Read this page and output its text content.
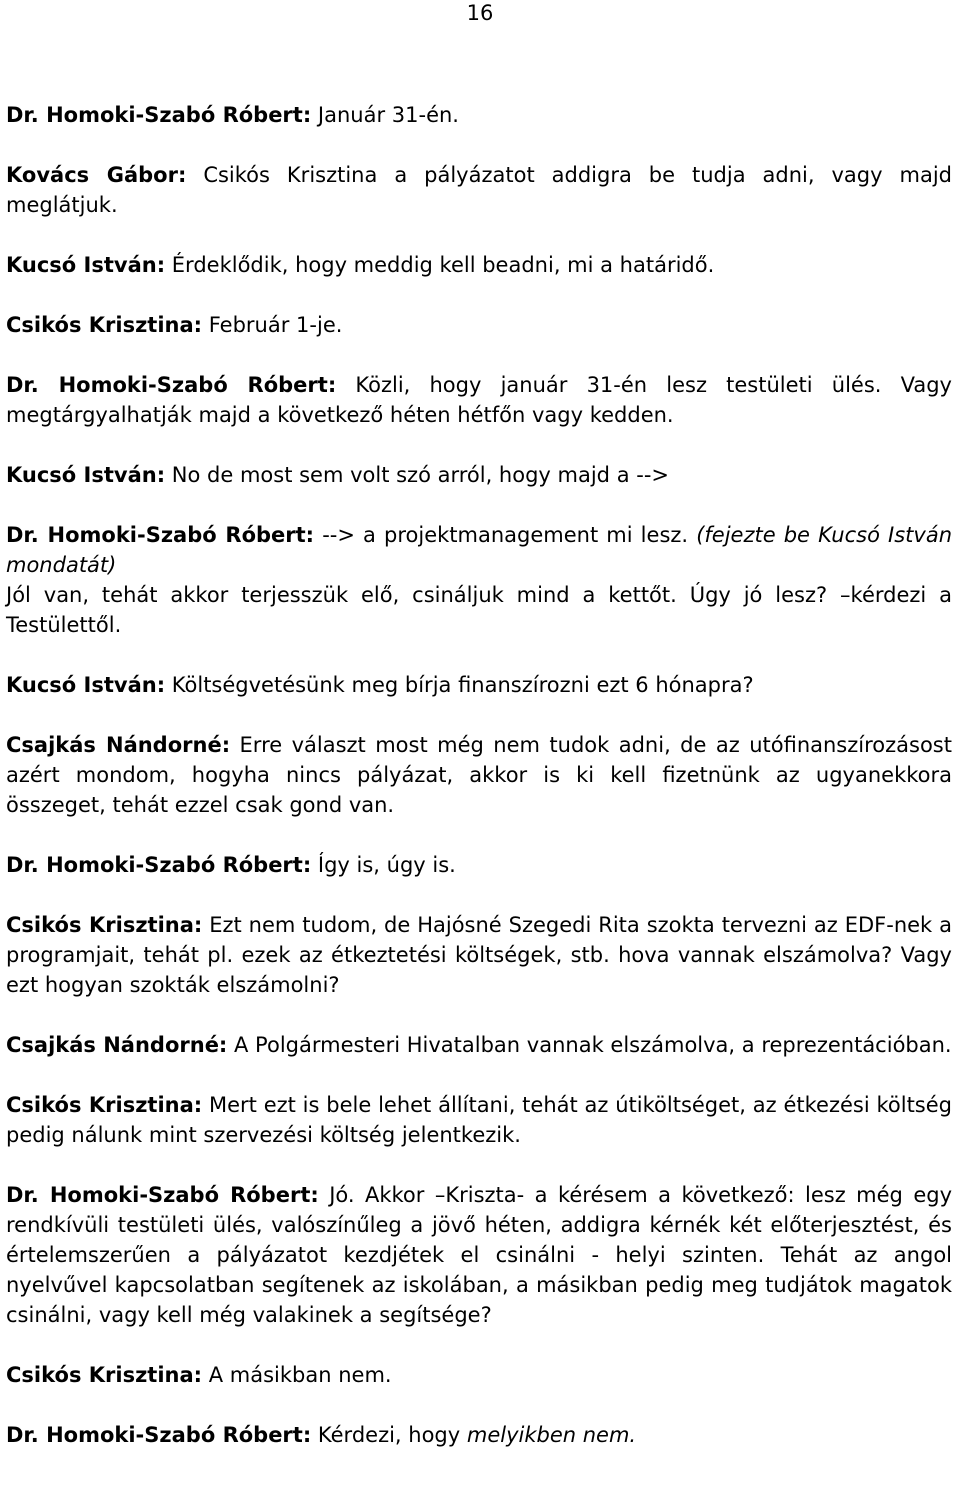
16

Dr. Homoki-Szabó Róbert: Január 31-én.

Kovács Gábor: Csikós Krisztina a pályázatot addigra be tudja adni, vagy majd meglátjuk.

Kucsó István: Érdeklődik, hogy meddig kell beadni, mi a határidő.

Csikós Krisztina: Február 1-je.

Dr. Homoki-Szabó Róbert: Közli, hogy január 31-én lesz testületi ülés. Vagy megtárgyalhatják majd a következő héten hétfőn vagy kedden.

Kucsó István: No de most sem volt szó arról, hogy majd a -->

Dr. Homoki-Szabó Róbert: --> a projektmanagement mi lesz. (fejezte be Kucsó István mondatát)

Jól van, tehát akkor terjesszük elő, csináljuk mind a kettőt. Úgy jó lesz? –kérdezi a Testülettől.

Kucsó István: Költségvetésünk meg bírja finanszírozni ezt 6 hónapra?

Csajkás Nándorné: Erre választ most még nem tudok adni, de az utófinanszírozásost azért mondom, hogyha nincs pályázat, akkor is ki kell fizetnünk az ugyanekkora összeget, tehát ezzel csak gond van.

Dr. Homoki-Szabó Róbert: Így is, úgy is.

Csikós Krisztina: Ezt nem tudom, de Hajósné Szegedi Rita szokta tervezni az EDF-nek a programjait, tehát pl. ezek az étkeztetési költségek, stb. hova vannak elszámolva? Vagy ezt hogyan szokták elszámolni?

Csajkás Nándorné: A Polgármesteri Hivatalban vannak elszámolva, a reprezentációban.

Csikós Krisztina: Mert ezt is bele lehet állítani, tehát az útiköltséget, az étkezési költség pedig nálunk mint szervezési költség jelentkezik.

Dr. Homoki-Szabó Róbert: Jó. Akkor –Kriszta- a kérésem a következő: lesz még egy rendkívüli testületi ülés, valószínűleg a jövő héten, addigra kérnék két előterjesztést, és értelemszerűen a pályázatot kezdjétek el csinálni - helyi szinten. Tehát az angol nyelvűvel kapcsolatban segítenek az iskolában, a másikban pedig meg tudjátok magatok csinálni, vagy kell még valakinek a segítsége?

Csikós Krisztina: A másikban nem.

Dr. Homoki-Szabó Róbert: Kérdezi, hogy melyikben nem.
